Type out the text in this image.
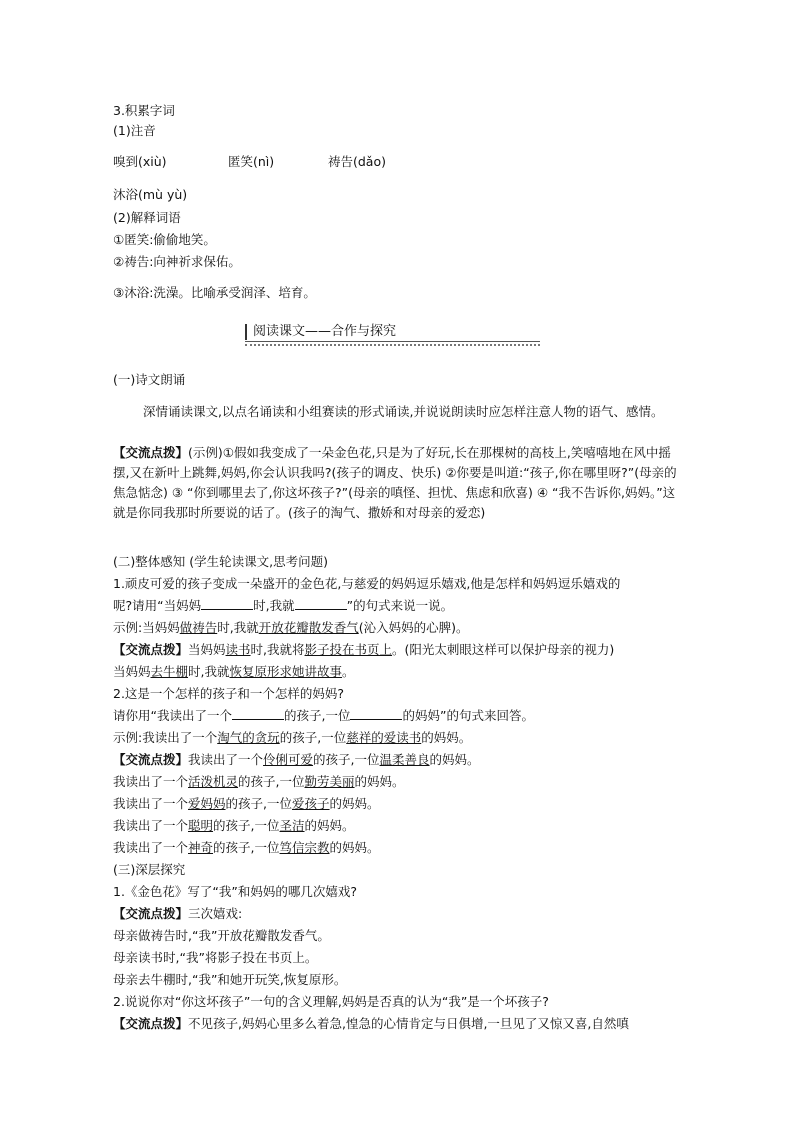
3.积累字词
(1)注音
嗅到(xiù)	匿笑(nì)	祷告(dǎo)
沐浴(mù yù)
(2)解释词语
①匿笑:偷偷地笑。
②祷告:向神祈求保佑。
③沐浴:洗澡。比喻承受润泽、培育。
阅读课文——合作与探究
(一)诗文朗诵
深情诵读课文,以点名诵读和小组赛读的形式诵读,并说说朗读时应怎样注意人物的语气、感情。
【交流点拨】(示例)①假如我变成了一朵金色花,只是为了好玩,长在那棵树的高枝上,笑嘻嘻地在风中摇摆,又在新叶上跳舞,妈妈,你会认识我吗?(孩子的调皮、快乐) ②你要是叫道:“孩子,你在哪里呀?”(母亲的焦急惦念) ③ “你到哪里去了,你这坏孩子?”(母亲的嗔怪、担忧、焦虑和欣喜) ④ “我不告诉你,妈妈。”这就是你同我那时所要说的话了。(孩子的淘气、撒娇和对母亲的爱恋)
(二)整体感知 (学生轮读课文,思考问题)
1.顽皮可爱的孩子变成一朵盛开的金色花,与慈爱的妈妈逗乐嬉戏,他是怎样和妈妈逗乐嬉戏的
呢?请用“当妈妈	时,我就	”的句式来说一说。
示例:当妈妈做祷告时,我就开放花瓣散发香气(沁入妈妈的心脾)。
【交流点拨】当妈妈读书时,我就将影子投在书页上。(阳光太刺眼这样可以保护母亲的视力)
当妈妈去牛棚时,我就恢复原形求她讲故事。
2.这是一个怎样的孩子和一个怎样的妈妈?
请你用“我读出了一个	的孩子,一位	的妈妈”的句式来回答。
示例:我读出了一个淘气的贪玩的孩子,一位慈祥的爱读书的妈妈。
【交流点拨】我读出了一个伶俐可爱的孩子,一位温柔善良的妈妈。
我读出了一个活泼机灵的孩子,一位勤劳美丽的妈妈。
我读出了一个爱妈妈的孩子,一位爱孩子的妈妈。
我读出了一个聪明的孩子,一位圣洁的妈妈。
我读出了一个神奇的孩子,一位笃信宗教的妈妈。
(三)深层探究
1.《金色花》写了“我”和妈妈的哪几次嬉戏?
【交流点拨】三次嬉戏:
母亲做祷告时,“我”开放花瓣散发香气。
母亲读书时,“我”将影子投在书页上。
母亲去牛棚时,“我”和她开玩笑,恢复原形。
2.说说你对“你这坏孩子”一句的含义理解,妈妈是否真的认为“我”是一个坏孩子?
【交流点拨】不见孩子,妈妈心里多么着急,惶急的心情肯定与日俱增,一旦见了又惊又喜,自然嗔
